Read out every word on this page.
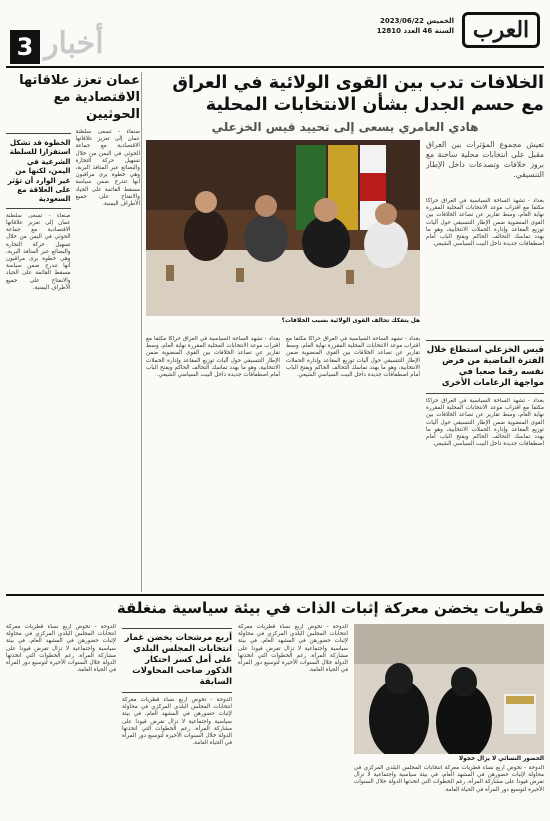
العرب
الخميس 2023/06/22
السنة 46 العدد 12810
3 أخبار
الخلافات تدب بين القوى الولائية في العراق مع حسم الجدل بشأن الانتخابات المحلية
هادي العامري يسعى إلى تحييد قيس الخزعلي
تعيش مجموع المؤثرات بين العراق مقبل على انتخابات محلية ساخنة مع بروز خلافات وتصدعات داخل الإطار التنسيقي.
بغداد - تشهد الساحة السياسية في العراق حراكا مكثفا مع اقتراب موعد الانتخابات المحلية المقررة نهاية العام، وسط تقارير عن تصاعد الخلافات بين القوى المنضوية ضمن الإطار التنسيقي حول آليات توزيع المقاعد وإدارة الحملات الانتخابية، وهو ما يهدد تماسك التحالف الحاكم ويفتح الباب أمام اصطفافات جديدة داخل البيت السياسي الشيعي.
هل يتفكك تحالف القوى الولائية بسبب الخلافات؟
قيس الخزعلي استطاع خلال الفترة الماضية من فرض نفسه رقما صعبا في مواجهة الزعامات الأخرى
بغداد - تشهد الساحة السياسية في العراق حراكا مكثفا مع اقتراب موعد الانتخابات المحلية المقررة نهاية العام، وسط تقارير عن تصاعد الخلافات بين القوى المنضوية ضمن الإطار التنسيقي حول آليات توزيع المقاعد وإدارة الحملات الانتخابية، وهو ما يهدد تماسك التحالف الحاكم ويفتح الباب أمام اصطفافات جديدة داخل البيت السياسي الشيعي.
بغداد - تشهد الساحة السياسية في العراق حراكا مكثفا مع اقتراب موعد الانتخابات المحلية المقررة نهاية العام، وسط تقارير عن تصاعد الخلافات بين القوى المنضوية ضمن الإطار التنسيقي حول آليات توزيع المقاعد وإدارة الحملات الانتخابية، وهو ما يهدد تماسك التحالف الحاكم ويفتح الباب أمام اصطفافات جديدة داخل البيت السياسي الشيعي.
بغداد - تشهد الساحة السياسية في العراق حراكا مكثفا مع اقتراب موعد الانتخابات المحلية المقررة نهاية العام، وسط تقارير عن تصاعد الخلافات بين القوى المنضوية ضمن الإطار التنسيقي حول آليات توزيع المقاعد وإدارة الحملات الانتخابية، وهو ما يهدد تماسك التحالف الحاكم ويفتح الباب أمام اصطفافات جديدة داخل البيت السياسي الشيعي.
عمان تعزز علاقاتها الاقتصادية مع الحوثيين
صنعاء - تسعى سلطنة عمان إلى تعزيز علاقاتها الاقتصادية مع جماعة الحوثي في اليمن من خلال تسهيل حركة التجارة والبضائع عبر المنافذ البرية، وهي خطوة يرى مراقبون أنها تندرج ضمن سياسة مسقط القائمة على الحياد والانفتاح على جميع الأطراف اليمنية.
الخطوة قد تشكل استفزازا للسلطة الشرعية في اليمن، لكنها من غير الوارد أن تؤثر على العلاقة مع السعودية
صنعاء - تسعى سلطنة عمان إلى تعزيز علاقاتها الاقتصادية مع جماعة الحوثي في اليمن من خلال تسهيل حركة التجارة والبضائع عبر المنافذ البرية، وهي خطوة يرى مراقبون أنها تندرج ضمن سياسة مسقط القائمة على الحياد والانفتاح على جميع الأطراف اليمنية.
قطريات يخضن معركة إثبات الذات في بيئة سياسية منغلقة
الحضور النسائي لا يزال خجولا
الدوحة - تخوض أربع نساء قطريات معركة انتخابات المجلس البلدي المركزي في محاولة لإثبات حضورهن في المشهد العام، في بيئة سياسية واجتماعية لا تزال تفرض قيودا على مشاركة المرأة، رغم الخطوات التي اتخذتها الدولة خلال السنوات الأخيرة لتوسيع دور المرأة في الحياة العامة.
الدوحة - تخوض أربع نساء قطريات معركة انتخابات المجلس البلدي المركزي في محاولة لإثبات حضورهن في المشهد العام، في بيئة سياسية واجتماعية لا تزال تفرض قيودا على مشاركة المرأة، رغم الخطوات التي اتخذتها الدولة خلال السنوات الأخيرة لتوسيع دور المرأة في الحياة العامة.
أربع مرشحات يخضن غمار انتخابات المجلس البلدي على أمل كسر احتكار الذكور صاحب المحاولات السابقة
الدوحة - تخوض أربع نساء قطريات معركة انتخابات المجلس البلدي المركزي في محاولة لإثبات حضورهن في المشهد العام، في بيئة سياسية واجتماعية لا تزال تفرض قيودا على مشاركة المرأة، رغم الخطوات التي اتخذتها الدولة خلال السنوات الأخيرة لتوسيع دور المرأة في الحياة العامة.
الدوحة - تخوض أربع نساء قطريات معركة انتخابات المجلس البلدي المركزي في محاولة لإثبات حضورهن في المشهد العام، في بيئة سياسية واجتماعية لا تزال تفرض قيودا على مشاركة المرأة، رغم الخطوات التي اتخذتها الدولة خلال السنوات الأخيرة لتوسيع دور المرأة في الحياة العامة.
